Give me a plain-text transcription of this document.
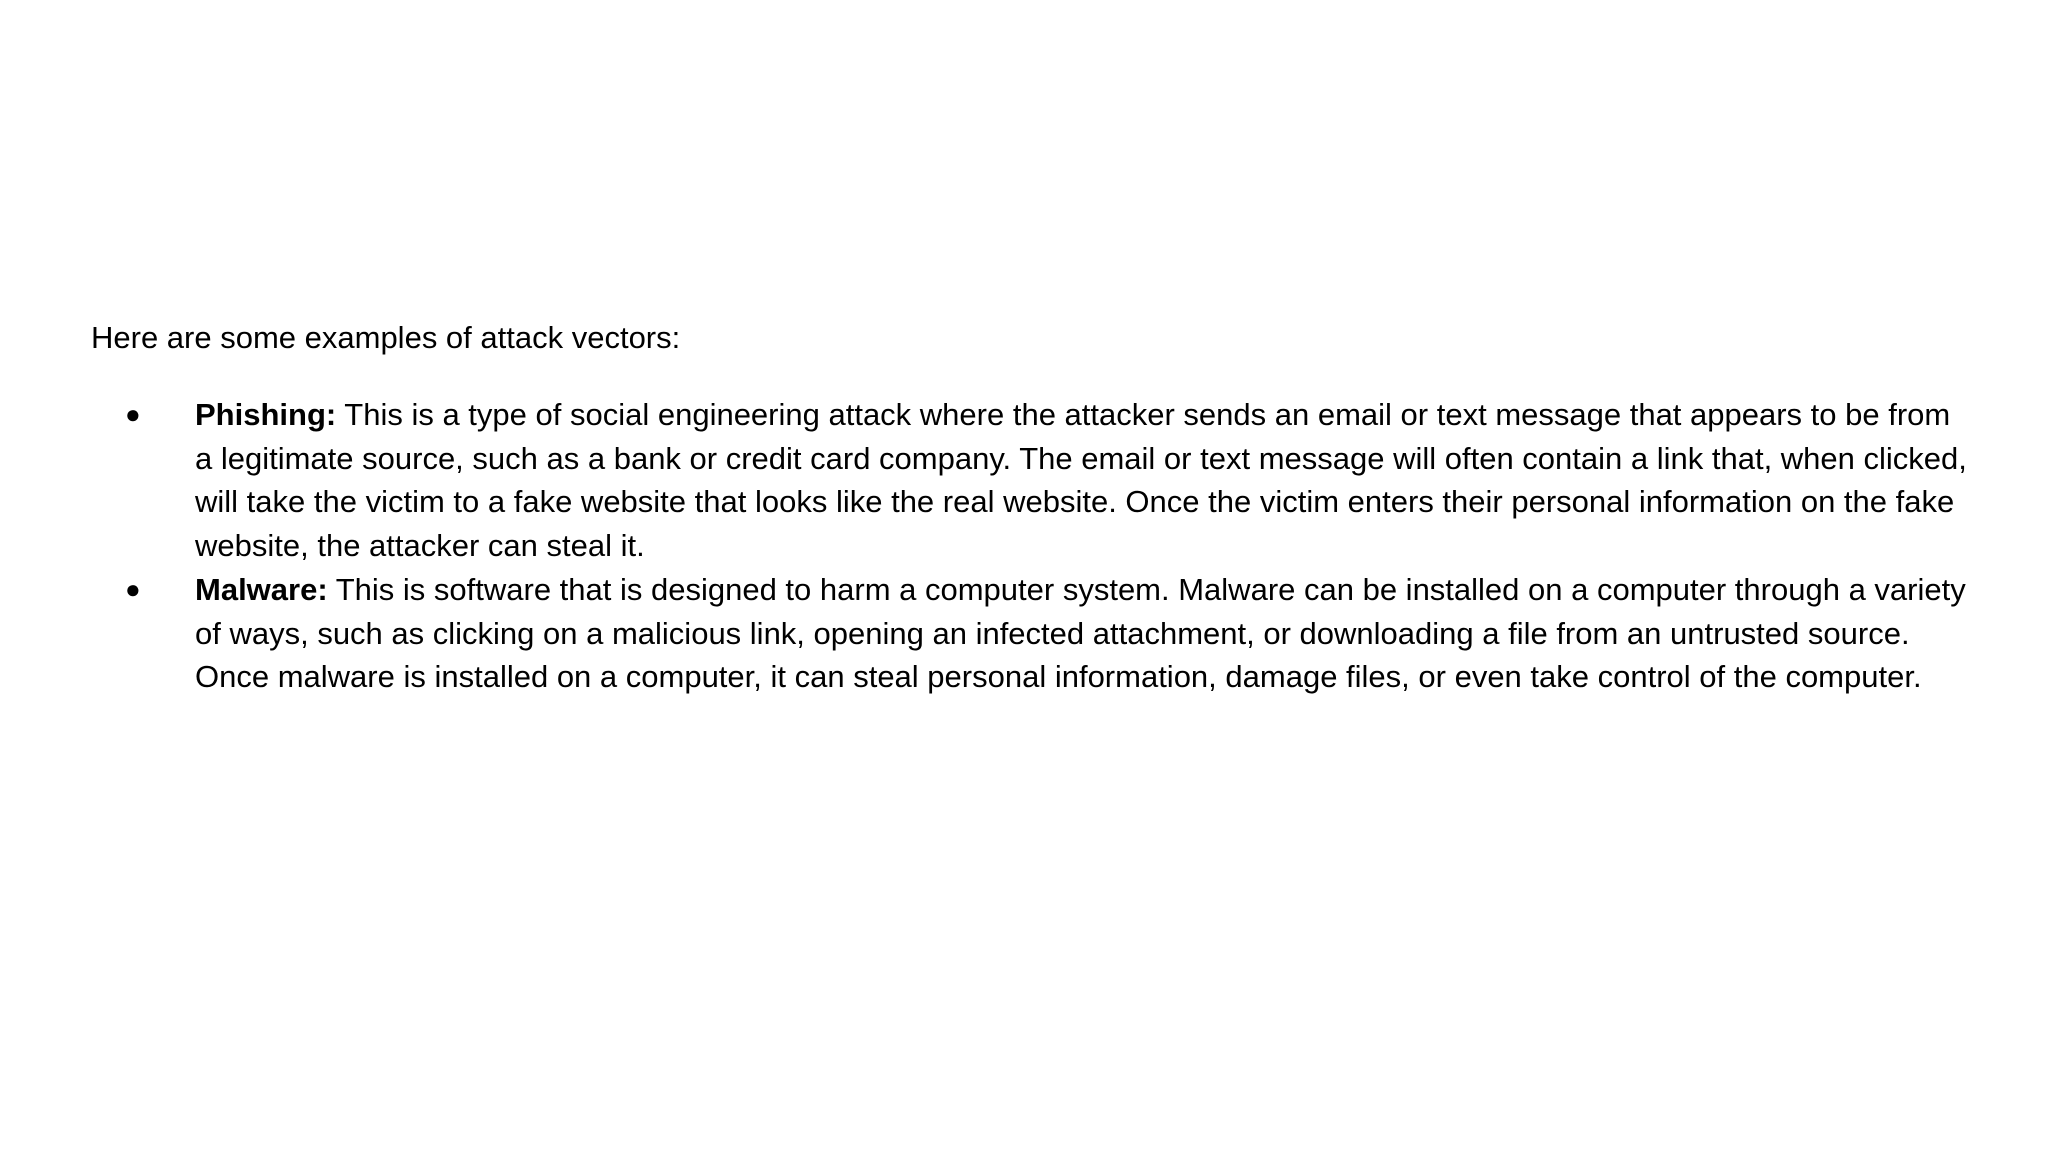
Here are some examples of attack vectors:

● Phishing: This is a type of social engineering attack where the attacker sends an email or text message that appears to be from a legitimate source, such as a bank or credit card company. The email or text message will often contain a link that, when clicked, will take the victim to a fake website that looks like the real website. Once the victim enters their personal information on the fake website, the attacker can steal it.
● Malware: This is software that is designed to harm a computer system. Malware can be installed on a computer through a variety of ways, such as clicking on a malicious link, opening an infected attachment, or downloading a file from an untrusted source. Once malware is installed on a computer, it can steal personal information, damage files, or even take control of the computer.
